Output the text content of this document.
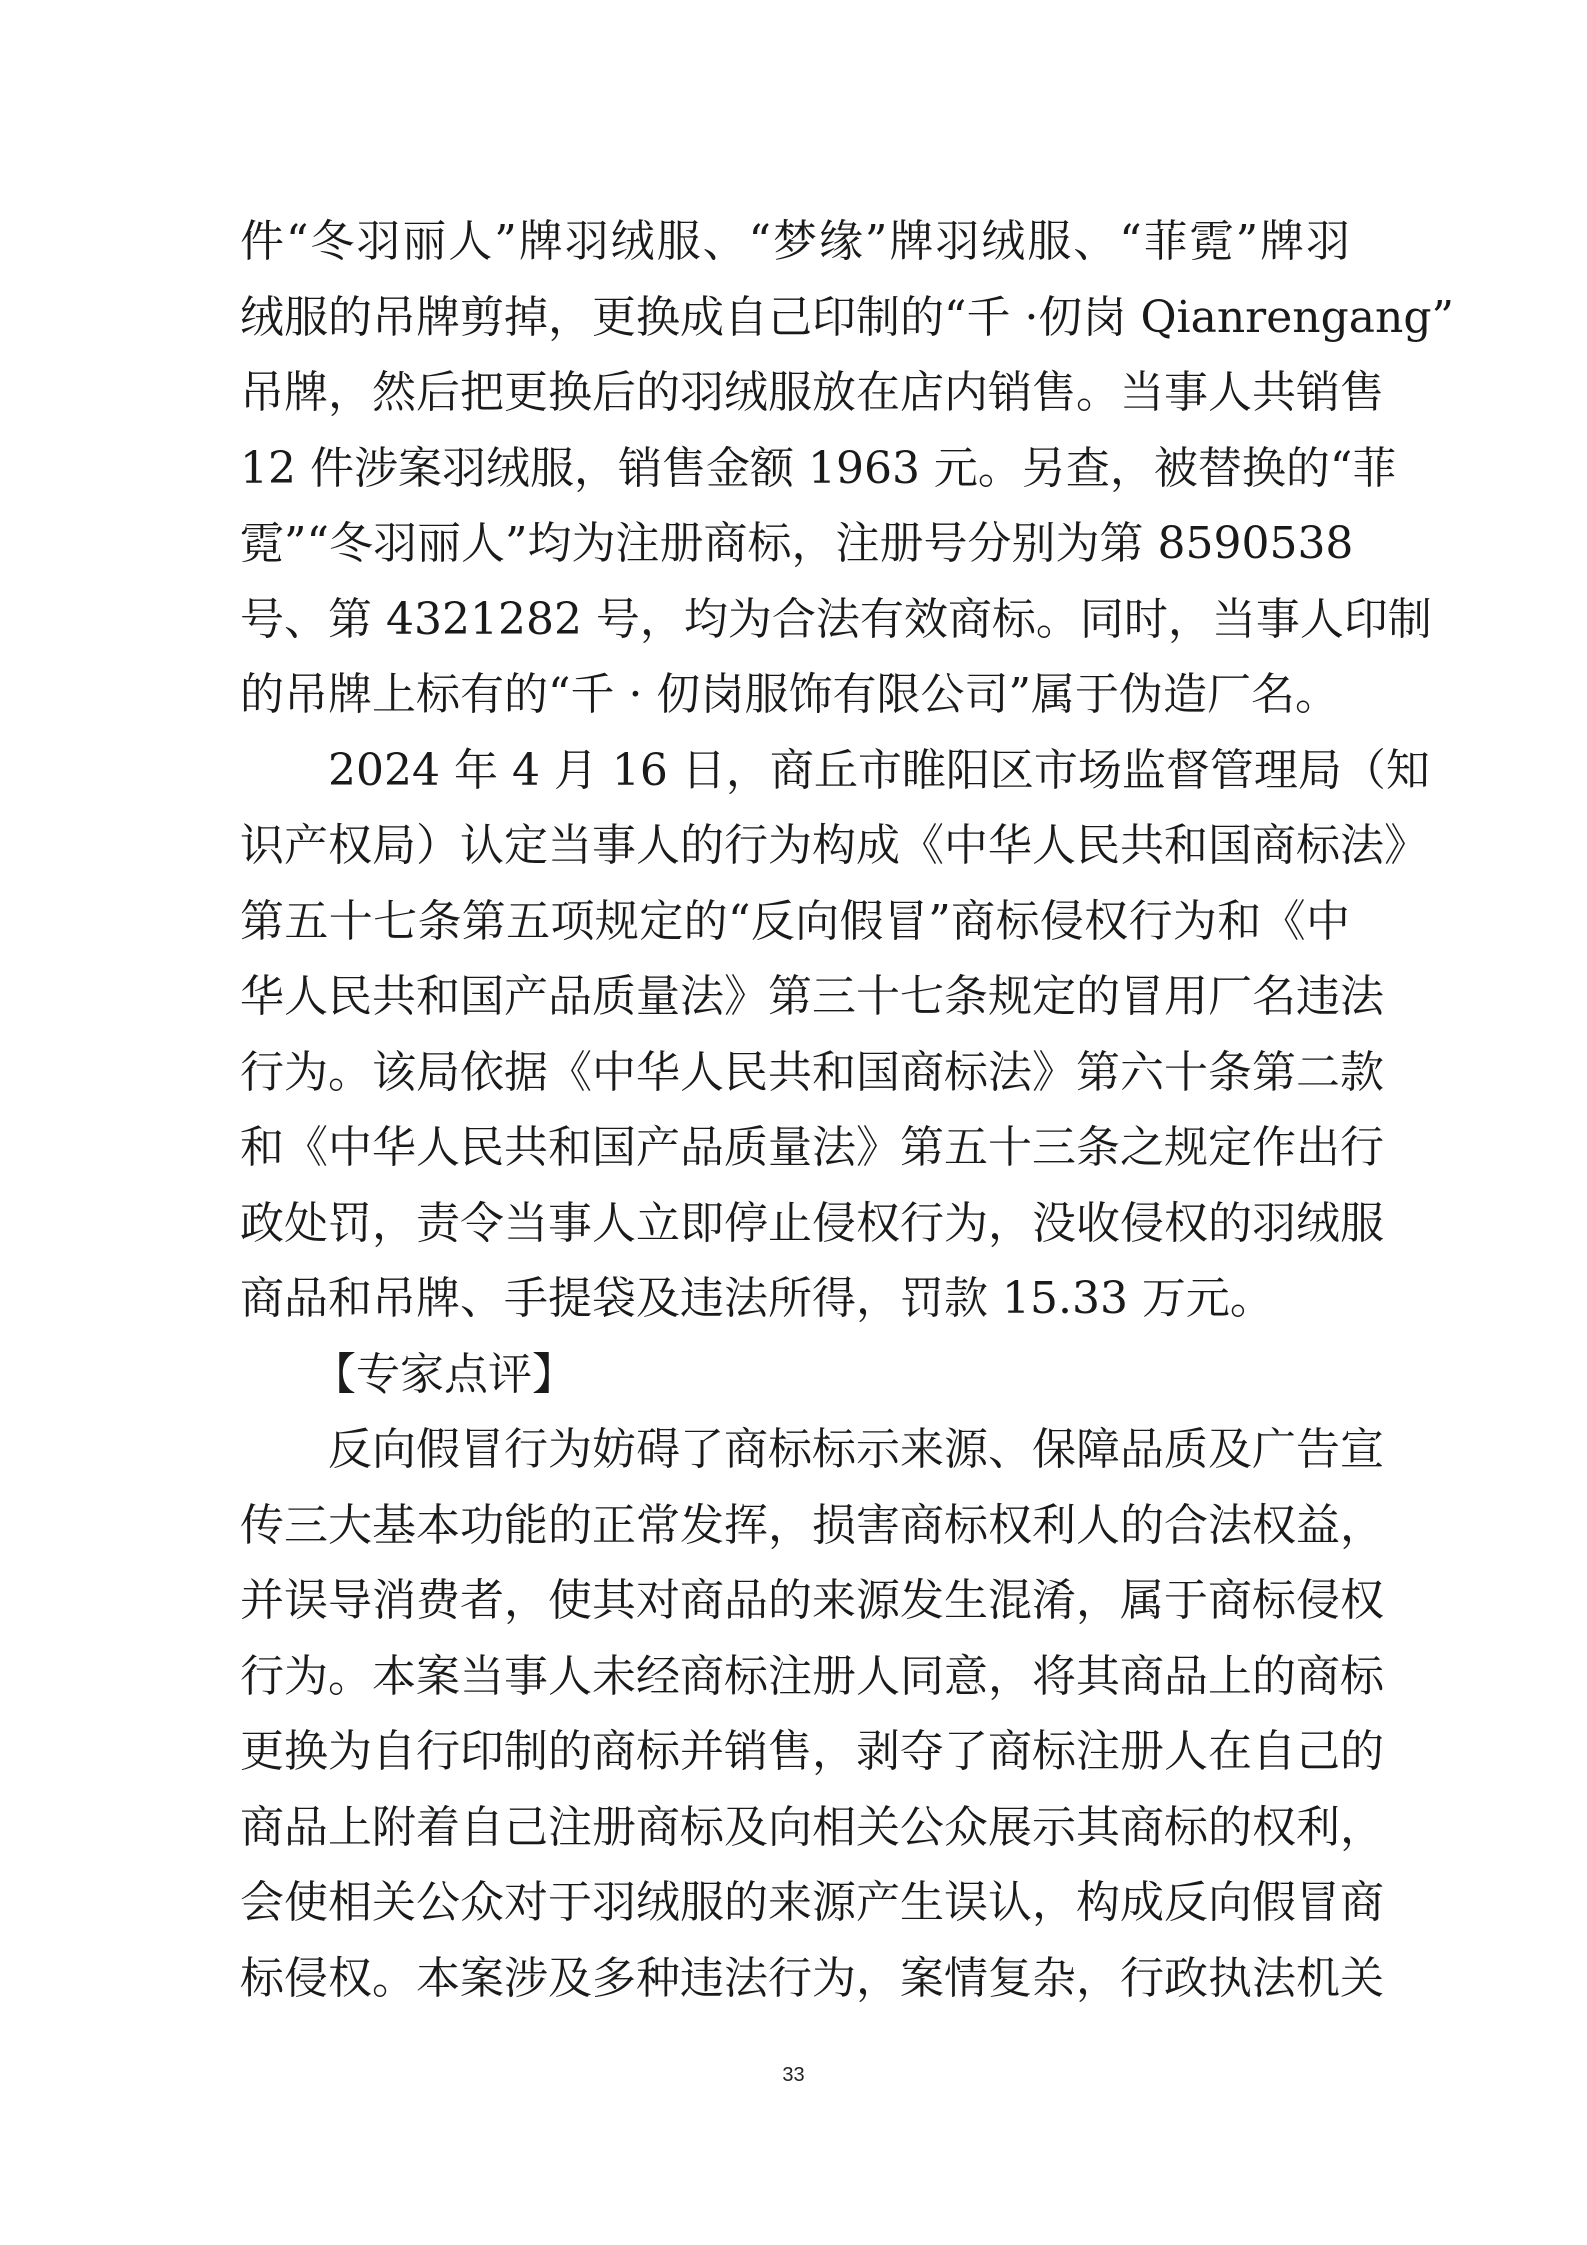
件“冬羽丽人”牌羽绒服、“梦缘”牌羽绒服、“菲霓”牌羽
绒服的吊牌剪掉，更换成自己印制的“千 ·仞岗 Qianrengang”
吊牌，然后把更换后的羽绒服放在店内销售。当事人共销售
12 件涉案羽绒服，销售金额 1963 元。另查，被替换的“菲
霓”“冬羽丽人”均为注册商标，注册号分别为第 8590538
号、第 4321282 号，均为合法有效商标。同时，当事人印制
的吊牌上标有的“千 · 仞岗服饰有限公司”属于伪造厂名。
2024 年 4 月 16 日，商丘市睢阳区市场监督管理局（知
识产权局）认定当事人的行为构成《中华人民共和国商标法》
第五十七条第五项规定的“反向假冒”商标侵权行为和《中
华人民共和国产品质量法》第三十七条规定的冒用厂名违法
行为。该局依据《中华人民共和国商标法》第六十条第二款
和《中华人民共和国产品质量法》第五十三条之规定作出行
政处罚，责令当事人立即停止侵权行为，没收侵权的羽绒服
商品和吊牌、手提袋及违法所得，罚款 15.33 万元。
【专家点评】
反向假冒行为妨碍了商标标示来源、保障品质及广告宣
传三大基本功能的正常发挥，损害商标权利人的合法权益，
并误导消费者，使其对商品的来源发生混淆，属于商标侵权
行为。本案当事人未经商标注册人同意，将其商品上的商标
更换为自行印制的商标并销售，剥夺了商标注册人在自己的
商品上附着自己注册商标及向相关公众展示其商标的权利，
会使相关公众对于羽绒服的来源产生误认，构成反向假冒商
标侵权。本案涉及多种违法行为，案情复杂，行政执法机关
33
